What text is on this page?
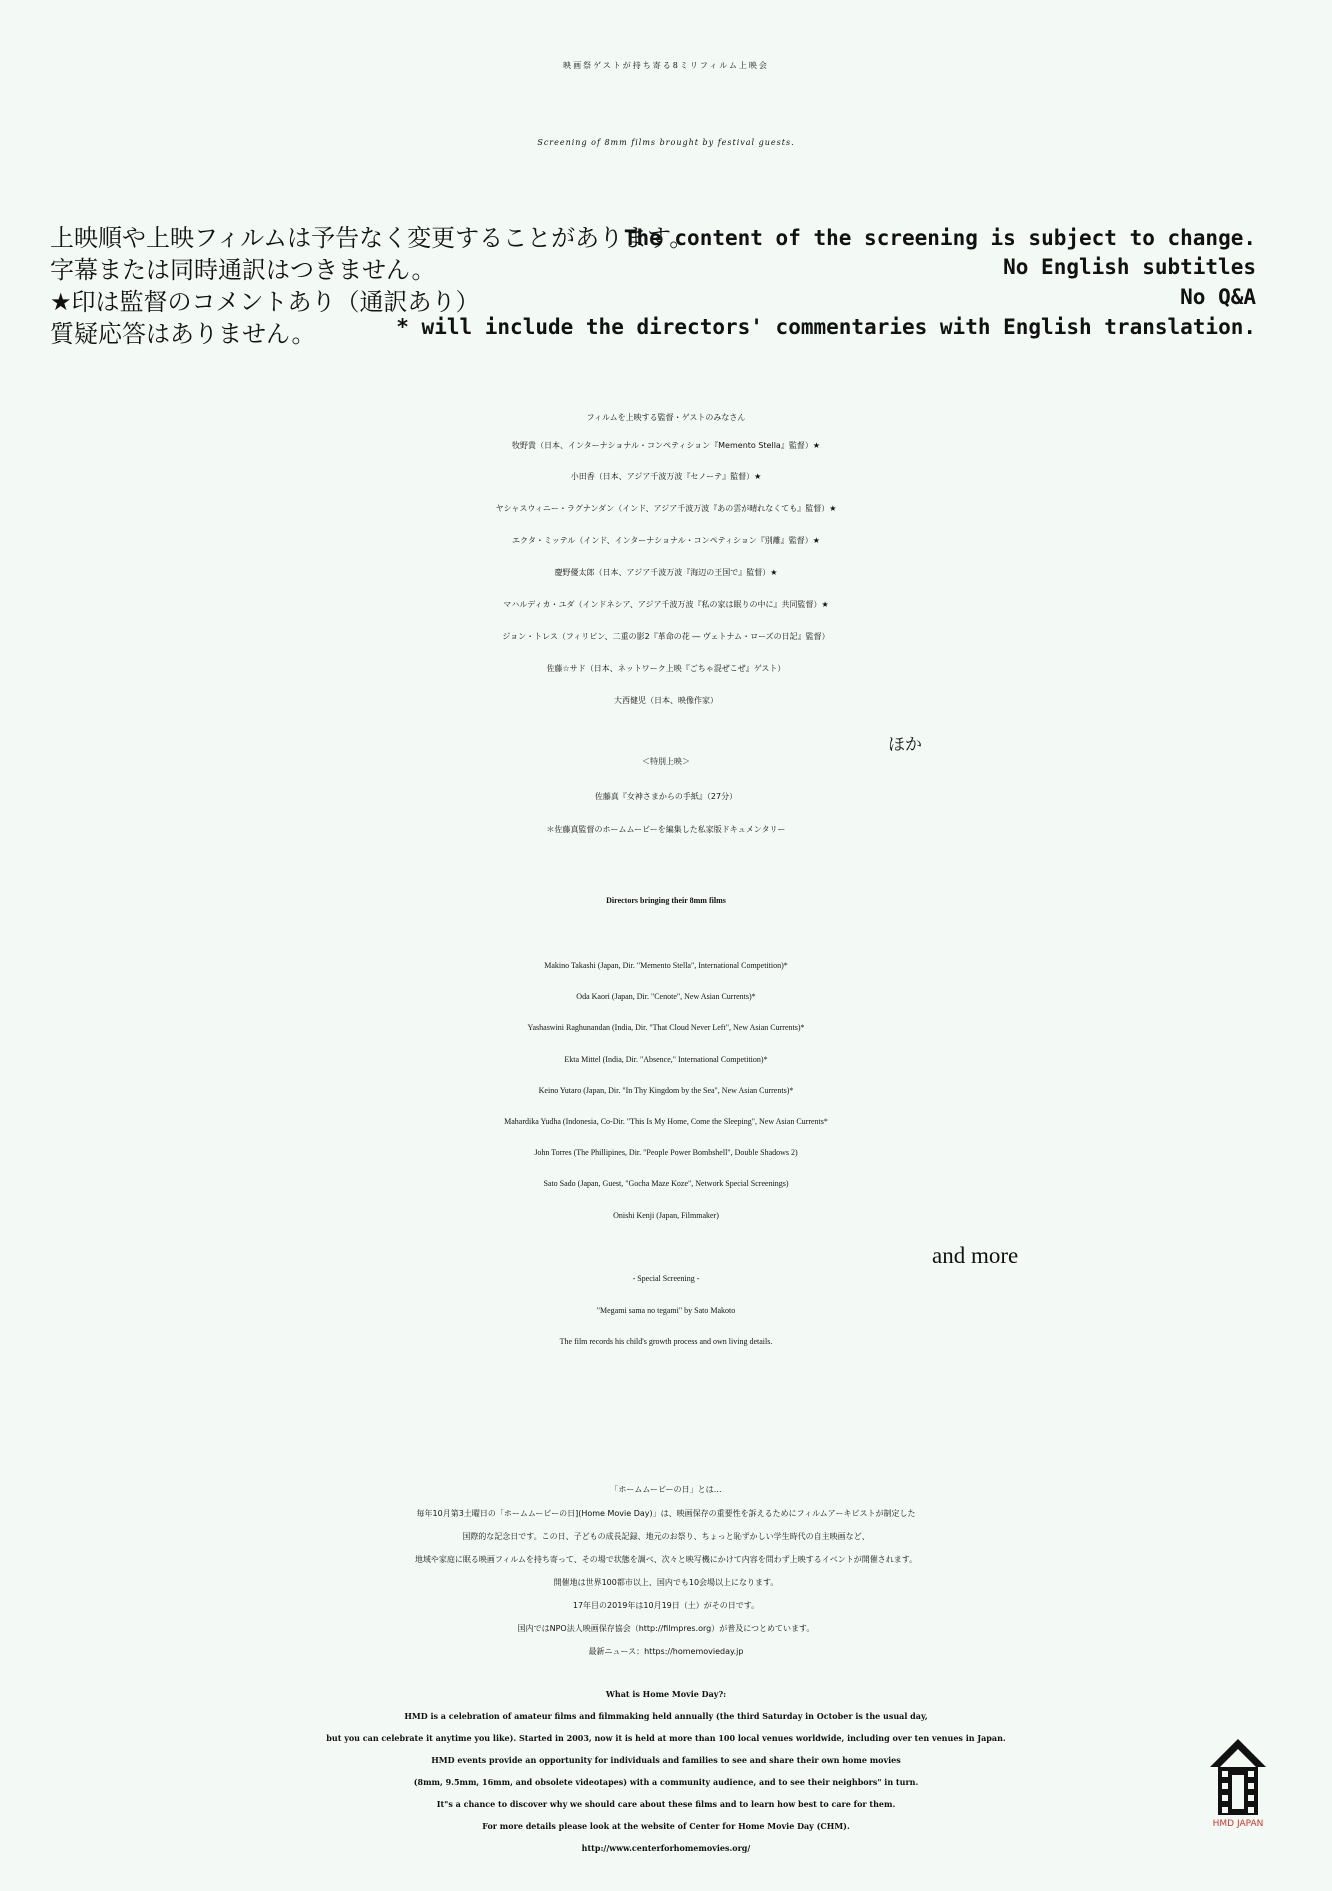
映画祭ゲストが持ち寄る8ミリフィルム上映会
Screening of 8mm films brought by festival guests.
上映順や上映フィルムは予告なく変更することがあります。
字幕または同時通訳はつきません。
★印は監督のコメントあり（通訳あり）
質疑応答はありません。
The content of the screening is subject to change.
No English subtitles
No Q&A
* will include the directors' commentaries with English translation.
フィルムを上映する監督・ゲストのみなさん
牧野貴（日本、インターナショナル・コンペティション『Memento Stella』監督）★
小田香（日本、アジア千波万波『セノーテ』監督）★
ヤシャスウィニー・ラグナンダン（インド、アジア千波万波『あの雲が晴れなくても』監督）★
エクタ・ミッテル（インド、インターナショナル・コンペティション『別離』監督）★
慶野優太郎（日本、アジア千波万波『海辺の王国で』監督）★
マハルディカ・ユダ（インドネシア、アジア千波万波『私の家は眠りの中に』共同監督）★
ジョン・トレス（フィリピン、二重の影2『革命の花 ― ヴェトナム・ローズの日記』監督）
佐藤☆サド（日本、ネットワーク上映『ごちゃ混ぜこぜ』ゲスト）
大西健児（日本、映像作家）
ほか
＜特別上映＞
佐藤真『女神さまからの手紙』（27分）
＊佐藤真監督のホームムービーを編集した私家版ドキュメンタリー
Directors bringing their 8mm films
Makino Takashi (Japan, Dir. "Memento Stella", International Competition)*
Oda Kaori (Japan, Dir. "Cenote", New Asian Currents)*
Yashaswini Raghunandan (India, Dir. "That Cloud Never Left", New Asian Currents)*
Ekta Mittel (India, Dir. "Absence," International Competition)*
Keino Yutaro (Japan, Dir. "In Thy Kingdom by the Sea", New Asian Currents)*
Mahardika Yudha (Indonesia, Co-Dir. "This Is My Home, Come the Sleeping", New Asian Currents*
John Torres (The Phillipines, Dir. "People Power Bombshell", Double Shadows 2)
Sato Sado (Japan, Guest, "Gocha Maze Koze", Network Special Screenings)
Onishi Kenji (Japan, Filmmaker)
and more
- Special Screening -
"Megami sama no tegami" by Sato Makoto
The film records his child's growth process and own living details.
「ホームムービーの日」とは…
毎年10月第3土曜日の「ホームムービーの日](Home Movie Day)」は、映画保存の重要性を訴えるためにフィルムアーキビストが制定した
国際的な記念日です。この日、子どもの成長記録、地元のお祭り、ちょっと恥ずかしい学生時代の自主映画など、
地域や家庭に眠る映画フィルムを持ち寄って、その場で状態を調べ、次々と映写機にかけて内容を問わず上映するイベントが開催されます。
開催地は世界100都市以上、国内でも10会場以上になります。
17年目の2019年は10月19日（土）がその日です。
国内ではNPO法人映画保存協会（http://filmpres.org）が普及につとめています。
最新ニュース：https://homemovieday.jp
What is Home Movie Day?:
HMD is a celebration of amateur films and filmmaking held annually (the third Saturday in October is the usual day,
but you can celebrate it anytime you like). Started in 2003, now it is held at more than 100 local venues worldwide, including over ten venues in Japan.
HMD events provide an opportunity for individuals and families to see and share their own home movies
(8mm, 9.5mm, 16mm, and obsolete videotapes) with a community audience, and to see their neighbors" in turn.
It"s a chance to discover why we should care about these films and to learn how best to care for them.
For more details please look at the website of Center for Home Movie Day (CHM).
http://www.centerforhomemovies.org/
HMD JAPAN
